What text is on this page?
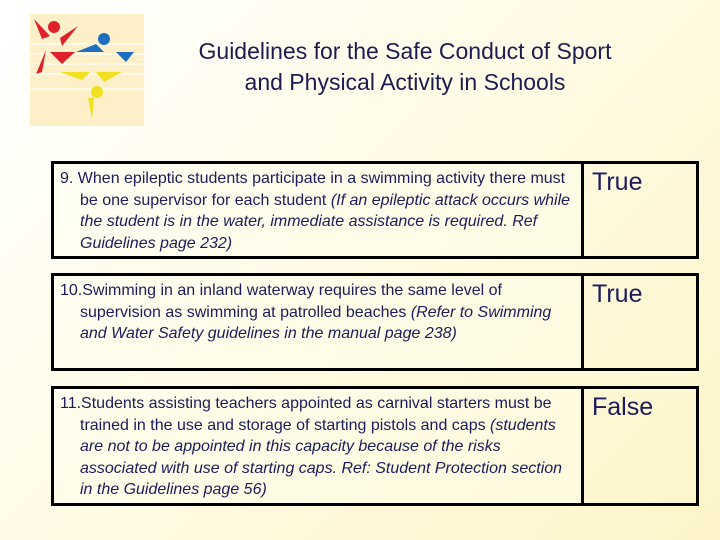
Guidelines for the Safe Conduct of Sport
and Physical Activity in Schools
9. When epileptic students participate in a swimming activity there must be one supervisor for each student (If an epileptic attack occurs while the student is in the water, immediate assistance is required. Ref Guidelines page 232)
True
10.Swimming in an inland waterway requires the same level of supervision as swimming at patrolled beaches (Refer to Swimming and Water Safety guidelines in the manual page 238)
True
11.Students assisting teachers appointed as carnival starters must be trained in the use and storage of starting pistols and caps (students are not to be appointed in this capacity because of the risks associated with use of starting caps. Ref: Student Protection section in the Guidelines page 56)
False
